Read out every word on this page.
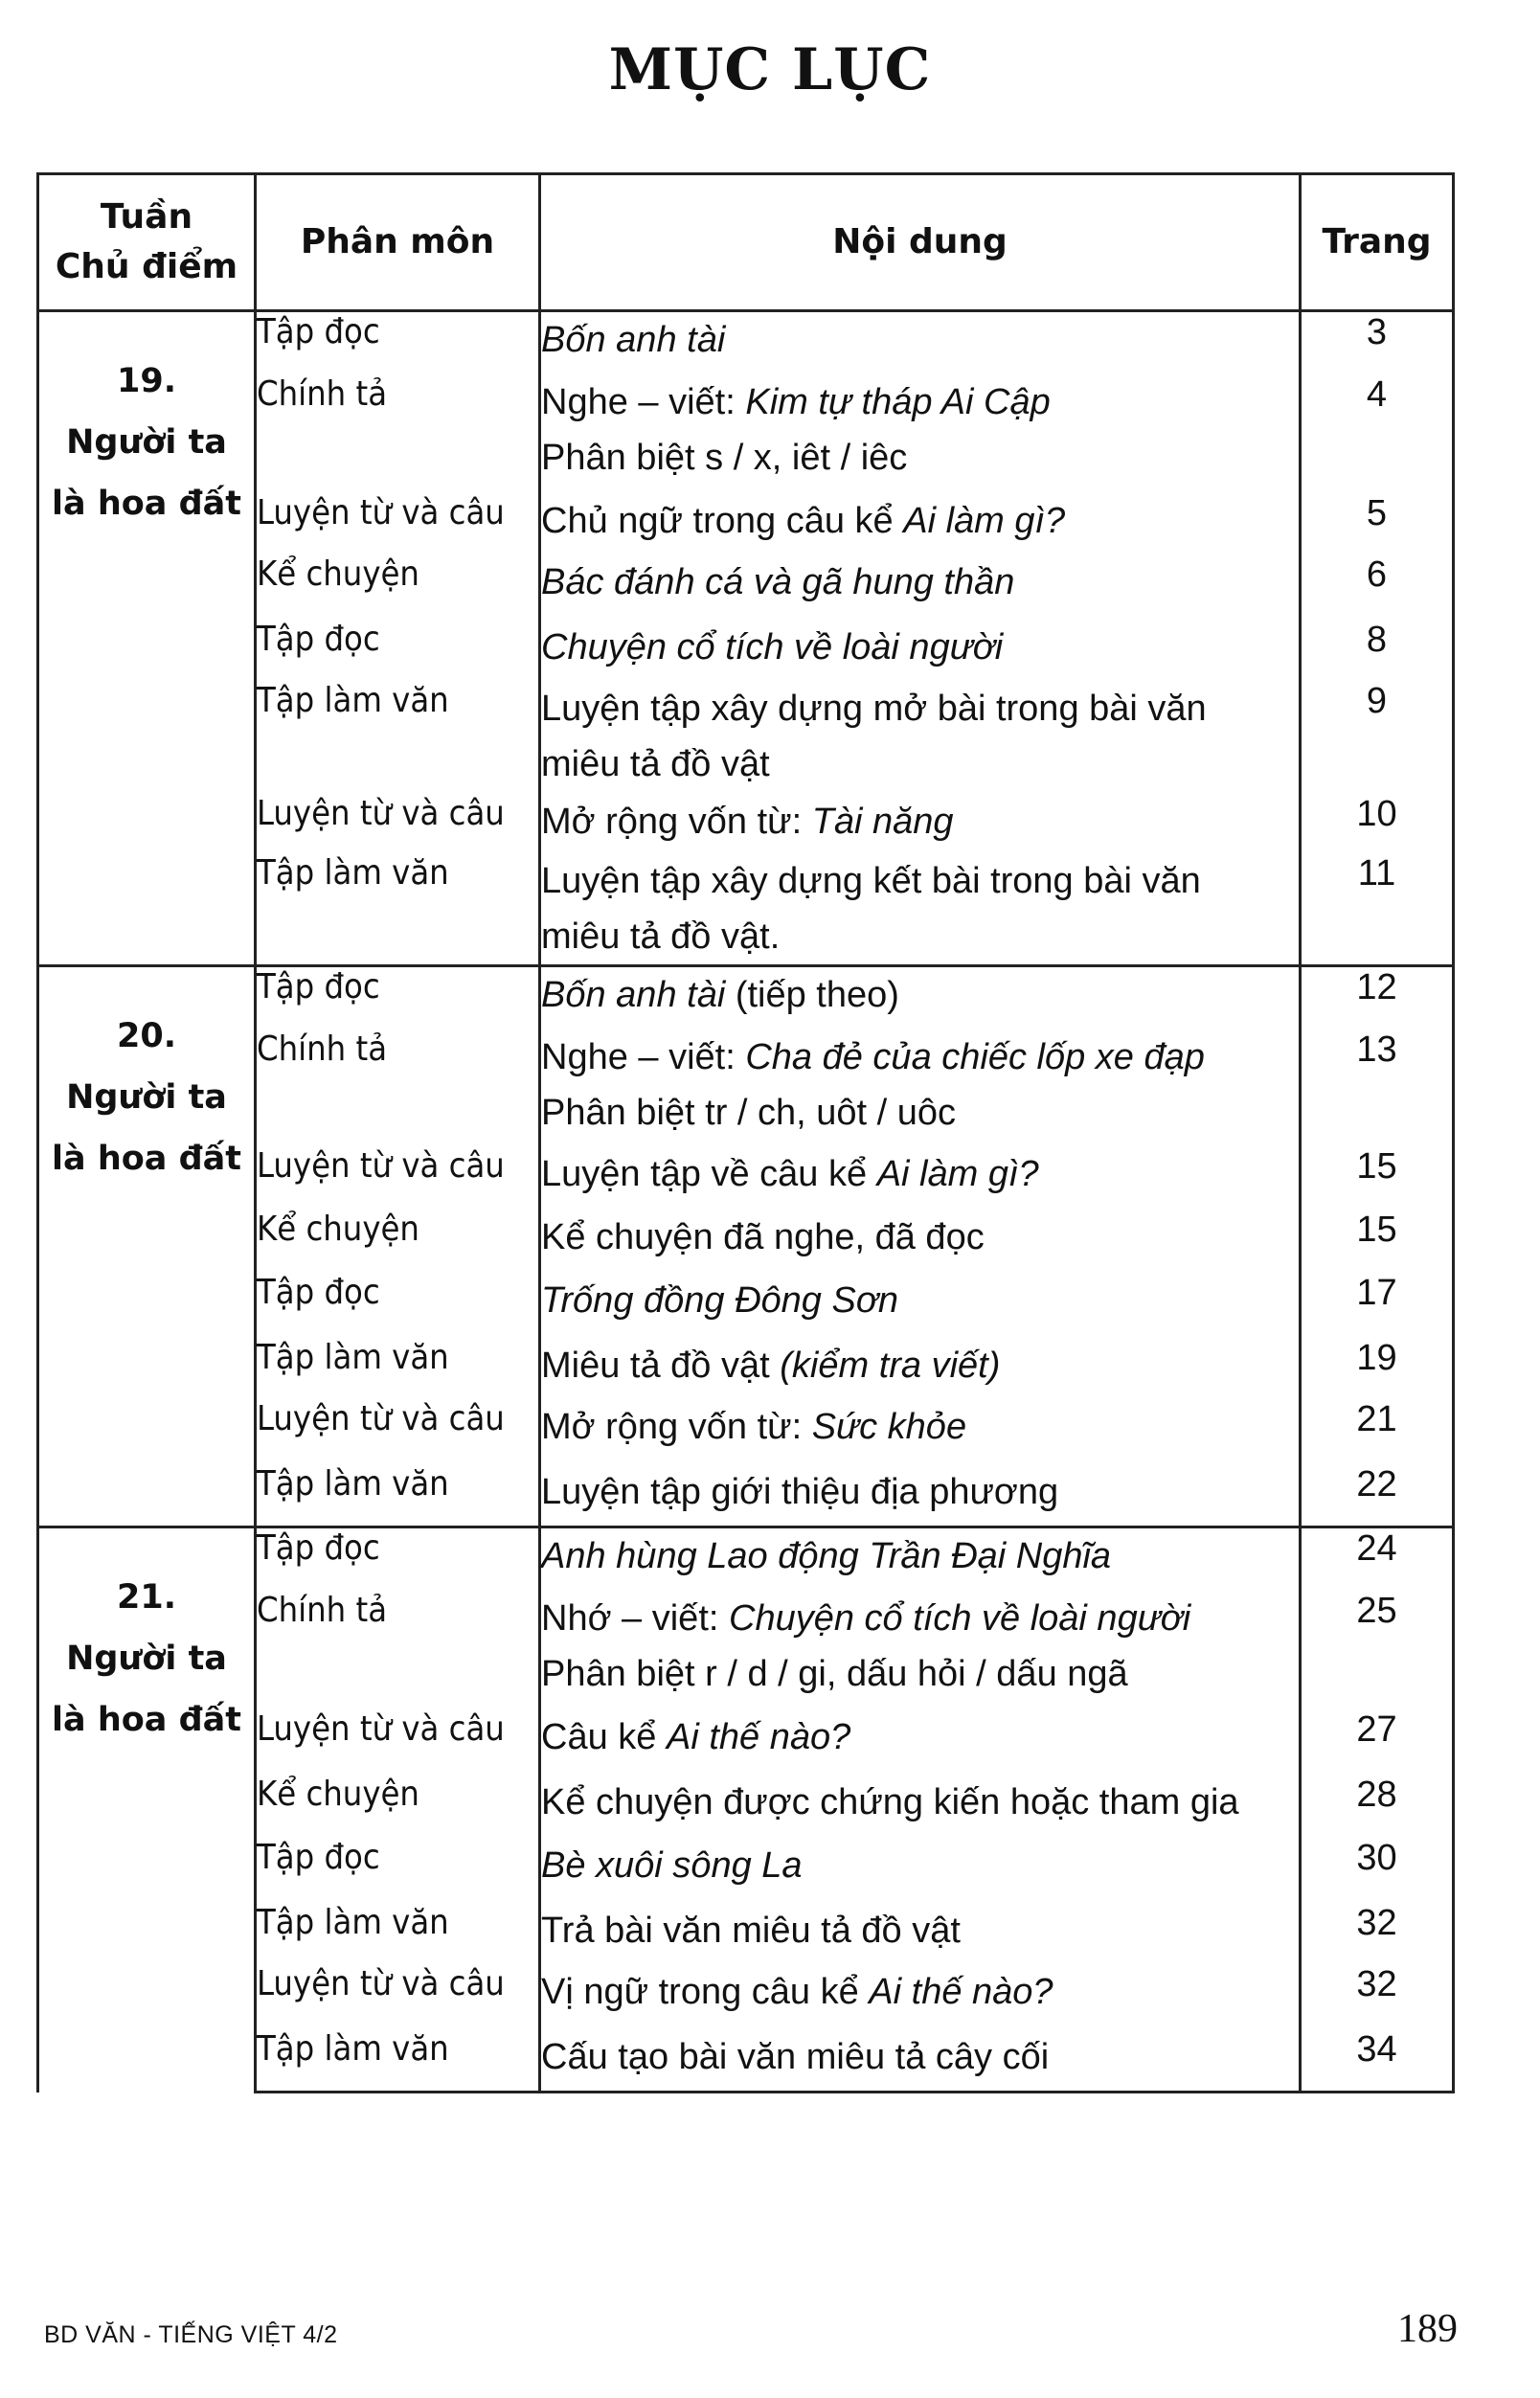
MỤC LỤC
Tuần
Chủ điểm	Phân môn	Nội dung	Trang

19.
Người ta
là hoa đất	Tập đọc	Bốn anh tài	3
	Chính tả	Nghe – viết: Kim tự tháp Ai Cập
Phân biệt s / x, iêt / iêc	4
	Luyện từ và câu	Chủ ngữ trong câu kể Ai làm gì?	5
	Kể chuyện	Bác đánh cá và gã hung thần	6
	Tập đọc	Chuyện cổ tích về loài người	8
	Tập làm văn	Luyện tập xây dựng mở bài trong bài văn
miêu tả đồ vật	9
	Luyện từ và câu	Mở rộng vốn từ: Tài năng	10
	Tập làm văn	Luyện tập xây dựng kết bài trong bài văn
miêu tả đồ vật.	11

20.
Người ta
là hoa đất	Tập đọc	Bốn anh tài (tiếp theo)	12
	Chính tả	Nghe – viết: Cha đẻ của chiếc lốp xe đạp
Phân biệt tr / ch, uôt / uôc	13
	Luyện từ và câu	Luyện tập về câu kể Ai làm gì?	15
	Kể chuyện	Kể chuyện đã nghe, đã đọc	15
	Tập đọc	Trống đồng Đông Sơn	17
	Tập làm văn	Miêu tả đồ vật (kiểm tra viết)	19
	Luyện từ và câu	Mở rộng vốn từ: Sức khỏe	21
	Tập làm văn	Luyện tập giới thiệu địa phương	22

21.
Người ta
là hoa đất	Tập đọc	Anh hùng Lao động Trần Đại Nghĩa	24
	Chính tả	Nhớ – viết: Chuyện cổ tích về loài người
Phân biệt r / d / gi, dấu hỏi / dấu ngã	25
	Luyện từ và câu	Câu kể Ai thế nào?	27
	Kể chuyện	Kể chuyện được chứng kiến hoặc tham gia	28
	Tập đọc	Bè xuôi sông La	30
	Tập làm văn	Trả bài văn miêu tả đồ vật	32
	Luyện từ và câu	Vị ngữ trong câu kể Ai thế nào?	32
	Tập làm văn	Cấu tạo bài văn miêu tả cây cối	34
BD VĂN - TIẾNG VIỆT 4/2	189
